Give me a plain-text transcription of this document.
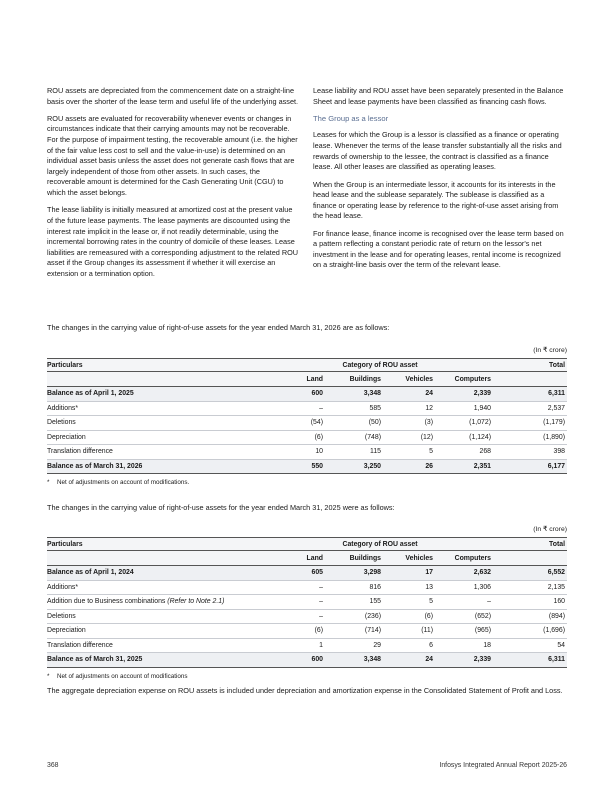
ROU assets are depreciated from the commencement date on a straight-line basis over the shorter of the lease term and useful life of the underlying asset.

ROU assets are evaluated for recoverability whenever events or changes in circumstances indicate that their carrying amounts may not be recoverable. For the purpose of impairment testing, the recoverable amount (i.e. the higher of the fair value less cost to sell and the value-in-use) is determined on an individual asset basis unless the asset does not generate cash flows that are largely independent of those from other assets. In such cases, the recoverable amount is determined for the Cash Generating Unit (CGU) to which the asset belongs.

The lease liability is initially measured at amortized cost at the present value of the future lease payments. The lease payments are discounted using the interest rate implicit in the lease or, if not readily determinable, using the incremental borrowing rates in the country of domicile of these leases. Lease liabilities are remeasured with a corresponding adjustment to the related ROU asset if the Group changes its assessment if whether it will exercise an extension or a termination option.

Lease liability and ROU asset have been separately presented in the Balance Sheet and lease payments have been classified as financing cash flows.

The Group as a lessor

Leases for which the Group is a lessor is classified as a finance or operating lease. Whenever the terms of the lease transfer substantially all the risks and rewards of ownership to the lessee, the contract is classified as a finance lease. All other leases are classified as operating leases.

When the Group is an intermediate lessor, it accounts for its interests in the head lease and the sublease separately. The sublease is classified as a finance or operating lease by reference to the right-of-use asset arising from the head lease.

For finance lease, finance income is recognised over the lease term based on a pattern reflecting a constant periodic rate of return on the lessor's net investment in the lease and for operating leases, rental income is recognized on a straight-line basis over the term of the relevant lease.

The changes in the carrying value of right-of-use assets for the year ended March 31, 2026 are as follows:
(In ₹ crore)
Particulars	Category of ROU asset				Total
	Land	Buildings	Vehicles	Computers	
Balance as of April 1, 2025	600	3,348	24	2,339	6,311
Additions*	–	585	12	1,940	2,537
Deletions	(54)	(50)	(3)	(1,072)	(1,179)
Depreciation	(6)	(748)	(12)	(1,124)	(1,890)
Translation difference	10	115	5	268	398
Balance as of March 31, 2026	550	3,250	26	2,351	6,177
* Net of adjustments on account of modifications.
The changes in the carrying value of right-of-use assets for the year ended March 31, 2025 were as follows:
(In ₹ crore)
Particulars	Category of ROU asset				Total
	Land	Buildings	Vehicles	Computers	
Balance as of April 1, 2024	605	3,298	17	2,632	6,552
Additions*	–	816	13	1,306	2,135
Addition due to Business combinations (Refer to Note 2.1)	–	155	5	–	160
Deletions	–	(236)	(6)	(652)	(894)
Depreciation	(6)	(714)	(11)	(965)	(1,696)
Translation difference	1	29	6	18	54
Balance as of March 31, 2025	600	3,348	24	2,339	6,311
* Net of adjustments on account of modifications
The aggregate depreciation expense on ROU assets is included under depreciation and amortization expense in the Consolidated Statement of Profit and Loss.
368	Infosys Integrated Annual Report 2025-26
